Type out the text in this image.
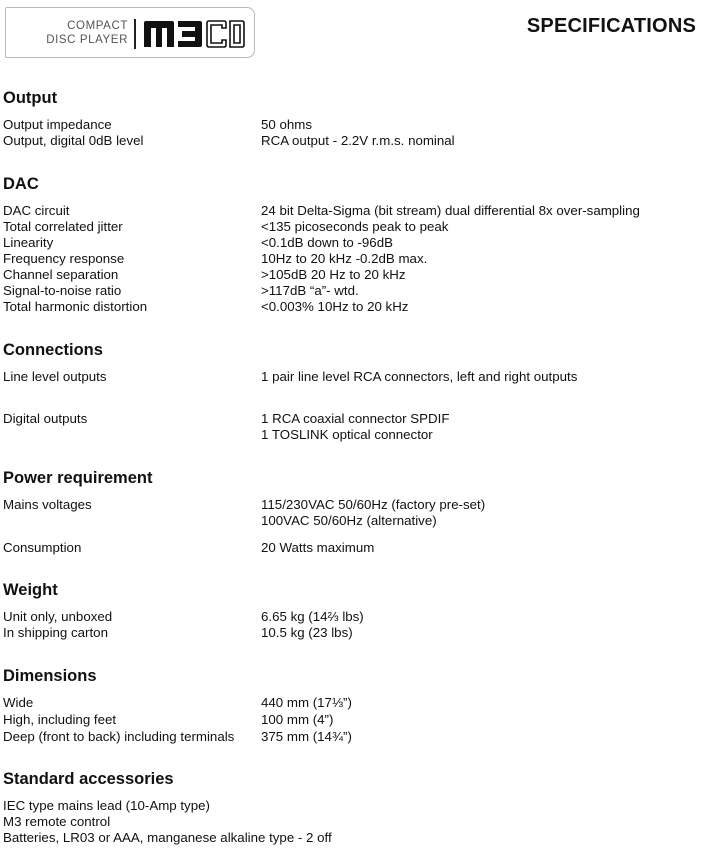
COMPACT
DISC PLAYER
SPECIFICATIONS
Output
Output impedance	50 ohms
Output, digital 0dB level	RCA output - 2.2V r.m.s. nominal
DAC
DAC circuit	24 bit Delta-Sigma (bit stream) dual differential 8x over-sampling
Total correlated jitter	<135 picoseconds peak to peak
Linearity	<0.1dB down to -96dB
Frequency response	10Hz to 20 kHz -0.2dB max.
Channel separation	>105dB 20 Hz to 20 kHz
Signal-to-noise ratio	>117dB “a”- wtd.
Total harmonic distortion	<0.003% 10Hz to 20 kHz
Connections
Line level outputs	1 pair line level RCA connectors, left and right outputs
Digital outputs	1 RCA coaxial connector SPDIF
1 TOSLINK optical connector
Power requirement
Mains voltages	115/230VAC 50/60Hz (factory pre-set)
100VAC 50/60Hz (alternative)
Consumption	20 Watts maximum
Weight
Unit only, unboxed	6.65 kg (14⅔ lbs)
In shipping carton	10.5 kg (23 lbs)
Dimensions
Wide	440 mm (17⅓”)
High, including feet	100 mm (4”)
Deep (front to back) including terminals	375 mm (14¾”)
Standard accessories
IEC type mains lead (10-Amp type)
M3 remote control
Batteries, LR03 or AAA, manganese alkaline type - 2 off
